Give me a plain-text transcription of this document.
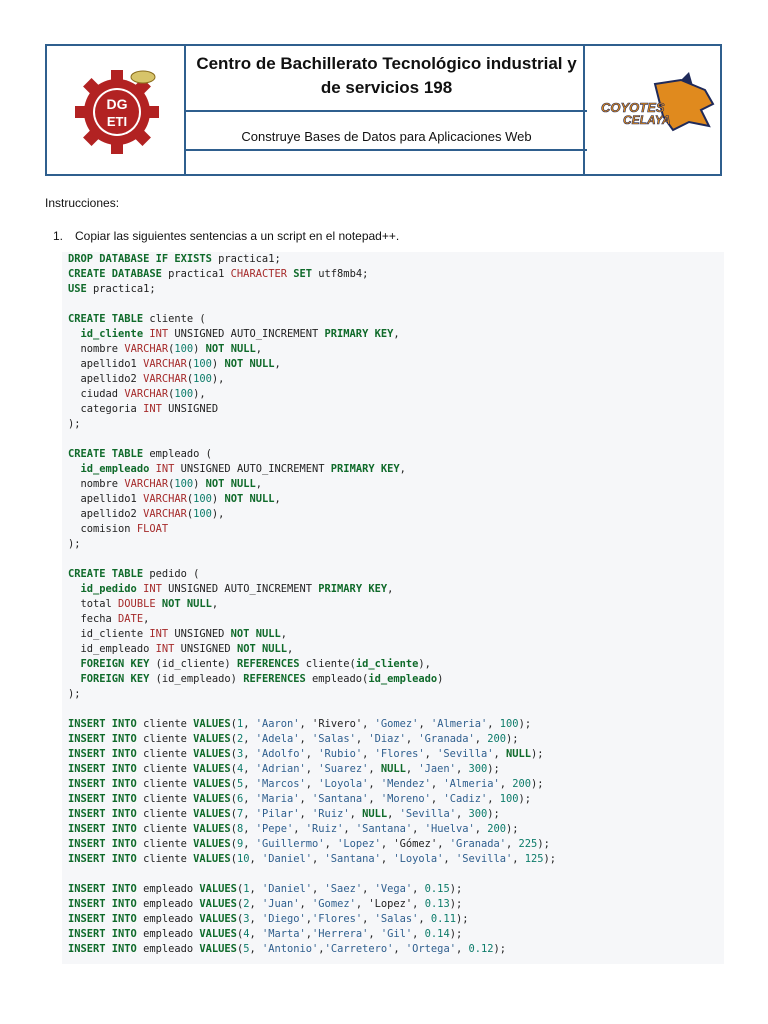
DG
ETI
Centro de Bachillerato Tecnológico industrial y de servicios 198
Construye Bases de Datos para Aplicaciones Web
COYOTES
CELAYA
Instrucciones:
1. Copiar las siguientes sentencias a un script en el notepad++.
DROP DATABASE IF EXISTS practica1;
CREATE DATABASE practica1 CHARACTER SET utf8mb4;
USE practica1;

CREATE TABLE cliente (
id_cliente INT UNSIGNED AUTO_INCREMENT PRIMARY KEY,
nombre VARCHAR(100) NOT NULL,
apellido1 VARCHAR(100) NOT NULL,
apellido2 VARCHAR(100),
ciudad VARCHAR(100),
categoria INT UNSIGNED
);

CREATE TABLE empleado (
id_empleado INT UNSIGNED AUTO_INCREMENT PRIMARY KEY,
nombre VARCHAR(100) NOT NULL,
apellido1 VARCHAR(100) NOT NULL,
apellido2 VARCHAR(100),
comision FLOAT
);

CREATE TABLE pedido (
id_pedido INT UNSIGNED AUTO_INCREMENT PRIMARY KEY,
total DOUBLE NOT NULL,
fecha DATE,
id_cliente INT UNSIGNED NOT NULL,
id_empleado INT UNSIGNED NOT NULL,
FOREIGN KEY (id_cliente) REFERENCES cliente(id_cliente),
FOREIGN KEY (id_empleado) REFERENCES empleado(id_empleado)
);

INSERT INTO cliente VALUES(1, 'Aaron', 'Rivero', 'Gomez', 'Almeria', 100);
INSERT INTO cliente VALUES(2, 'Adela', 'Salas', 'Diaz', 'Granada', 200);
INSERT INTO cliente VALUES(3, 'Adolfo', 'Rubio', 'Flores', 'Sevilla', NULL);
INSERT INTO cliente VALUES(4, 'Adrian', 'Suarez', NULL, 'Jaen', 300);
INSERT INTO cliente VALUES(5, 'Marcos', 'Loyola', 'Mendez', 'Almeria', 200);
INSERT INTO cliente VALUES(6, 'Maria', 'Santana', 'Moreno', 'Cadiz', 100);
INSERT INTO cliente VALUES(7, 'Pilar', 'Ruiz', NULL, 'Sevilla', 300);
INSERT INTO cliente VALUES(8, 'Pepe', 'Ruiz', 'Santana', 'Huelva', 200);
INSERT INTO cliente VALUES(9, 'Guillermo', 'Lopez', 'Gómez', 'Granada', 225);
INSERT INTO cliente VALUES(10, 'Daniel', 'Santana', 'Loyola', 'Sevilla', 125);

INSERT INTO empleado VALUES(1, 'Daniel', 'Saez', 'Vega', 0.15);
INSERT INTO empleado VALUES(2, 'Juan', 'Gomez', 'Lopez', 0.13);
INSERT INTO empleado VALUES(3, 'Diego','Flores', 'Salas', 0.11);
INSERT INTO empleado VALUES(4, 'Marta','Herrera', 'Gil', 0.14);
INSERT INTO empleado VALUES(5, 'Antonio','Carretero', 'Ortega', 0.12);
